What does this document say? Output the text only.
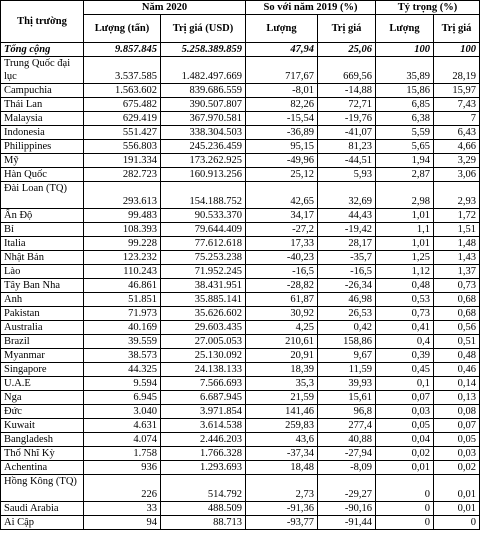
Thị trường	Năm 2020		So với năm 2019 (%)		Tỷ trọng (%)	
	Lượng (tấn)	Trị giá (USD)	Lượng	Trị giá	Lượng	Trị giá
Tổng cộng	9.857.845	5.258.389.859	47,94	25,06	100	100
Trung Quốc đại lục	3.537.585	1.482.497.669	717,67	669,56	35,89	28,19
Campuchia	1.563.602	839.686.559	-8,01	-14,88	15,86	15,97
Thái Lan	675.482	390.507.807	82,26	72,71	6,85	7,43
Malaysia	629.419	367.970.581	-15,54	-19,76	6,38	7
Indonesia	551.427	338.304.503	-36,89	-41,07	5,59	6,43
Philippines	556.803	245.236.459	95,15	81,23	5,65	4,66
Mỹ	191.334	173.262.925	-49,96	-44,51	1,94	3,29
Hàn Quốc	282.723	160.913.256	25,12	5,93	2,87	3,06
Đài Loan (TQ)	293.613	154.188.752	42,65	32,69	2,98	2,93
Ấn Độ	99.483	90.533.370	34,17	44,43	1,01	1,72
Bỉ	108.393	79.644.409	-27,2	-19,42	1,1	1,51
Italia	99.228	77.612.618	17,33	28,17	1,01	1,48
Nhật Bản	123.232	75.253.238	-40,23	-35,7	1,25	1,43
Lào	110.243	71.952.245	-16,5	-16,5	1,12	1,37
Tây Ban Nha	46.861	38.431.951	-28,82	-26,34	0,48	0,73
Anh	51.851	35.885.141	61,87	46,98	0,53	0,68
Pakistan	71.973	35.626.602	30,92	26,53	0,73	0,68
Australia	40.169	29.603.435	4,25	0,42	0,41	0,56
Brazil	39.559	27.005.053	210,61	158,86	0,4	0,51
Myanmar	38.573	25.130.092	20,91	9,67	0,39	0,48
Singapore	44.325	24.138.133	18,39	11,59	0,45	0,46
U.A.E	9.594	7.566.693	35,3	39,93	0,1	0,14
Nga	6.945	6.687.945	21,59	15,61	0,07	0,13
Đức	3.040	3.971.854	141,46	96,8	0,03	0,08
Kuwait	4.631	3.614.538	259,83	277,4	0,05	0,07
Bangladesh	4.074	2.446.203	43,6	40,88	0,04	0,05
Thổ Nhĩ Kỳ	1.758	1.766.328	-37,34	-27,94	0,02	0,03
Achentina	936	1.293.693	18,48	-8,09	0,01	0,02
Hồng Kông (TQ)	226	514.792	2,73	-29,27	0	0,01
Saudi Arabia	33	488.509	-91,36	-90,16	0	0,01
Ai Cập	94	88.713	-93,77	-91,44	0	0
